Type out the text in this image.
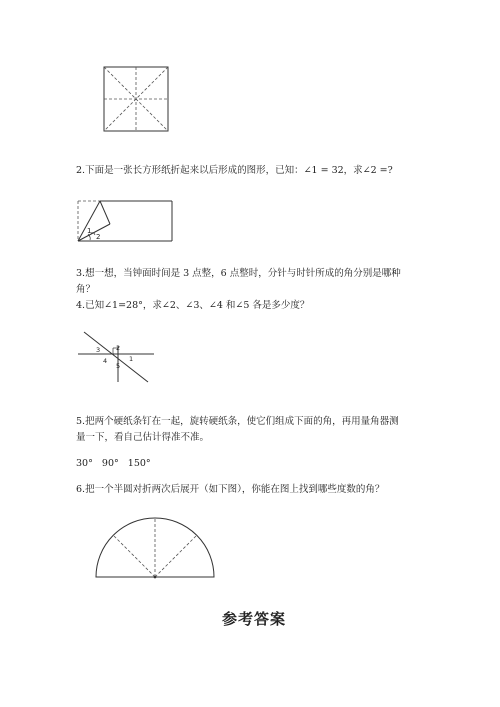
2.下面是一张长方形纸折起来以后形成的图形，已知：∠1 = 32，求∠2 =?
1
2
3.想一想，当钟面时间是 3 点整，6 点整时，分针与时针所成的角分别是哪种
角？
4.已知∠1=28°，求∠2、∠3、∠4 和∠5 各是多少度？
3 2
4	1
5
5.把两个硬纸条钉在一起，旋转硬纸条，使它们组成下面的角，再用量角器测
量一下，看自己估计得准不准。
30°   90°   150°
6.把一个半圆对折两次后展开（如下图），你能在图上找到哪些度数的角？
参考答案
